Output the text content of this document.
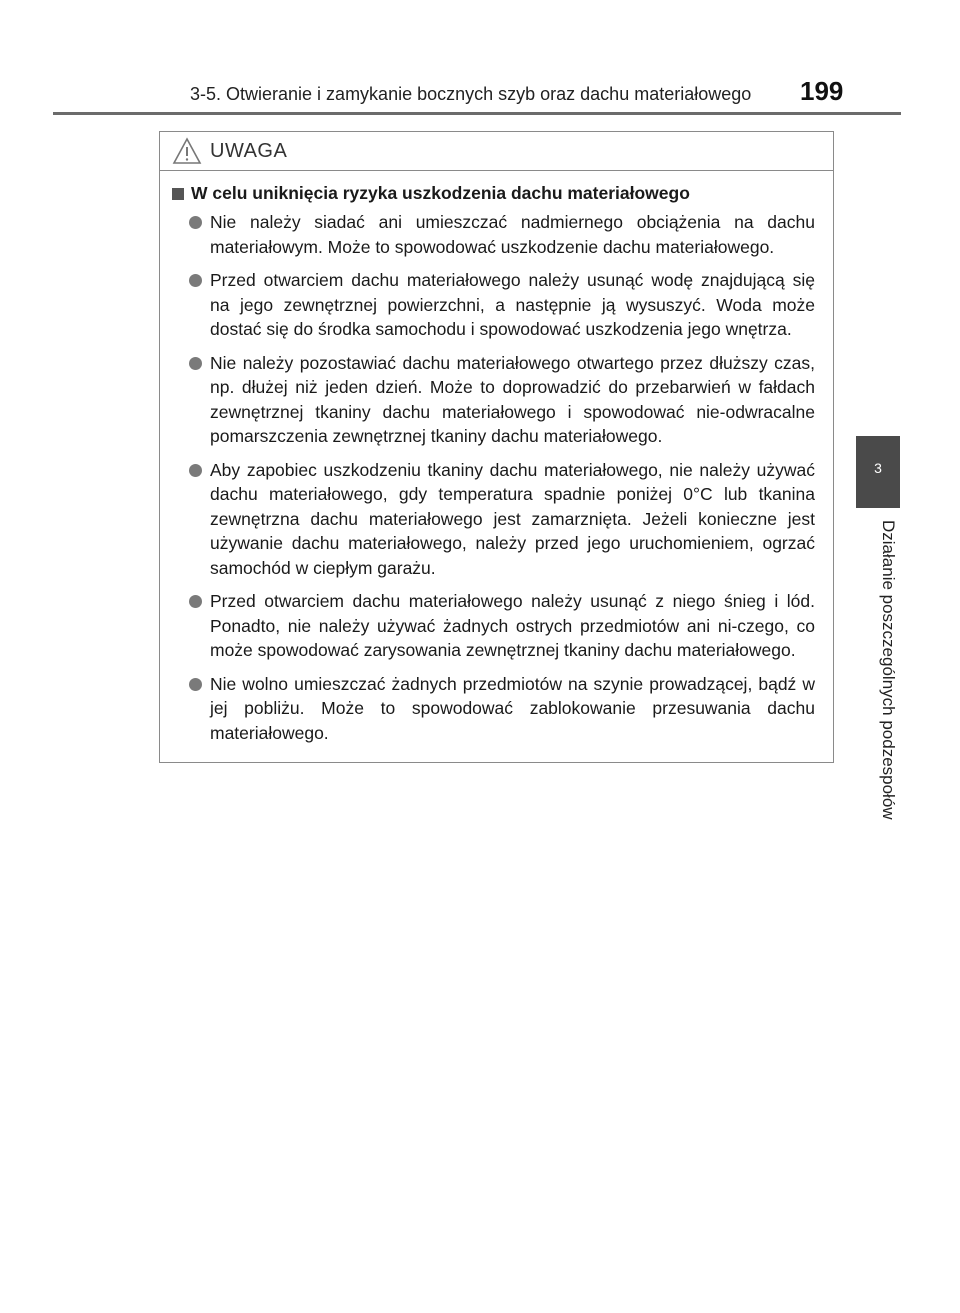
3-5. Otwieranie i zamykanie bocznych szyb oraz dachu materiałowego 199
3
Działanie poszczególnych podzespołów
UWAGA
W celu uniknięcia ryzyka uszkodzenia dachu materiałowego
Nie należy siadać ani umieszczać nadmiernego obciążenia na dachu materiałowym. Może to spowodować uszkodzenie dachu materiałowego.
Przed otwarciem dachu materiałowego należy usunąć wodę znajdującą się na jego zewnętrznej powierzchni, a następnie ją wysuszyć. Woda może dostać się do środka samochodu i spowodować uszkodzenia jego wnętrza.
Nie należy pozostawiać dachu materiałowego otwartego przez dłuższy czas, np. dłużej niż jeden dzień. Może to doprowadzić do przebarwień w fałdach zewnętrznej tkaniny dachu materiałowego i spowodować nie-odwracalne pomarszczenia zewnętrznej tkaniny dachu materiałowego.
Aby zapobiec uszkodzeniu tkaniny dachu materiałowego, nie należy używać dachu materiałowego, gdy temperatura spadnie poniżej 0°C lub tkanina zewnętrzna dachu materiałowego jest zamarznięta. Jeżeli konieczne jest używanie dachu materiałowego, należy przed jego uruchomieniem, ogrzać samochód w ciepłym garażu.
Przed otwarciem dachu materiałowego należy usunąć z niego śnieg i lód. Ponadto, nie należy używać żadnych ostrych przedmiotów ani ni-czego, co może spowodować zarysowania zewnętrznej tkaniny dachu materiałowego.
Nie wolno umieszczać żadnych przedmiotów na szynie prowadzącej, bądź w jej pobliżu. Może to spowodować zablokowanie przesuwania dachu materiałowego.
